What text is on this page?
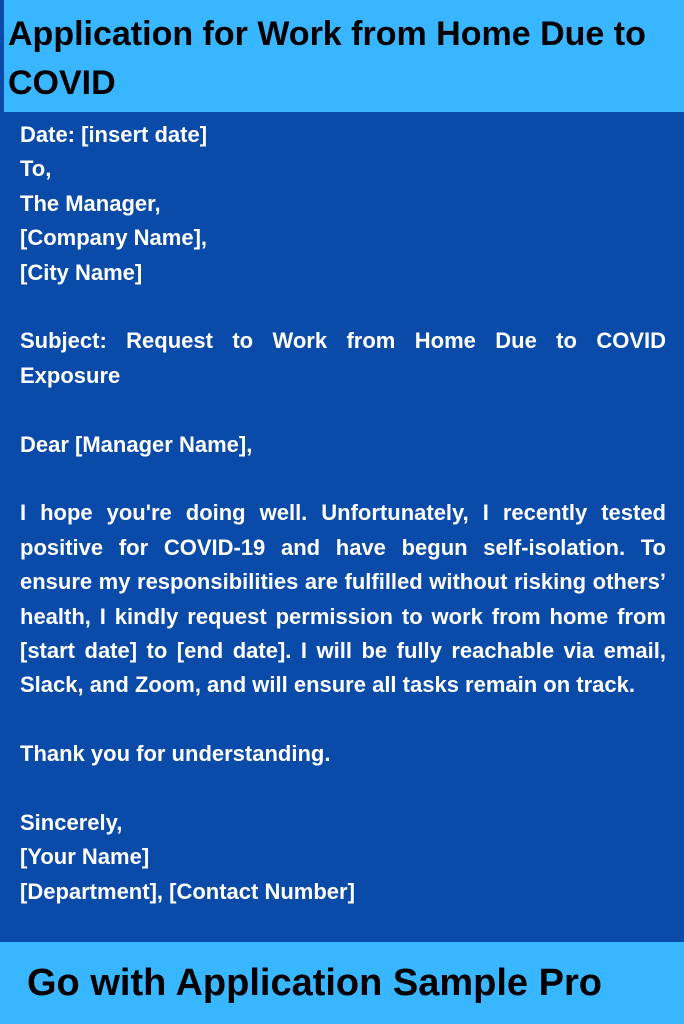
Application for Work from Home Due to COVID
Date: [insert date]
To,
The Manager,
[Company Name],
[City Name]

Subject: Request to Work from Home Due to COVID Exposure

Dear [Manager Name],

I hope you're doing well. Unfortunately, I recently tested positive for COVID-19 and have begun self-isolation. To ensure my responsibilities are fulfilled without risking others’ health, I kindly request permission to work from home from [start date] to [end date]. I will be fully reachable via email, Slack, and Zoom, and will ensure all tasks remain on track.

Thank you for understanding.
Sincerely,
[Your Name]
[Department], [Contact Number]

Go with Application Sample Pro
